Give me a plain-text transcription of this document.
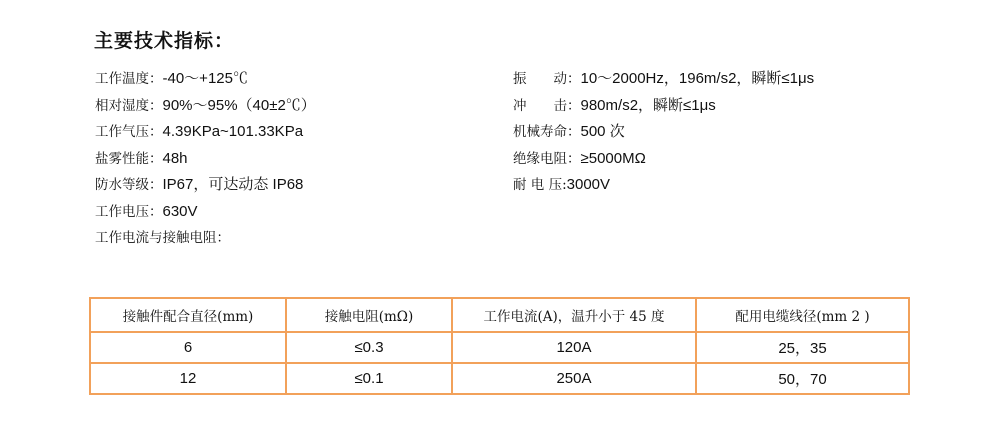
主要技术指标：
工作温度：-40～+125℃
相对湿度：90%～95%（40±2℃）
工作气压：4.39KPa~101.33KPa
盐雾性能：48h
防水等级：IP67，可达动态 IP68
工作电压：630V
工作电流与接触电阻：
振　　动：10～2000Hz，196m/s2，瞬断≤1μs
冲　　击：980m/s2，瞬断≤1μs
机械寿命：500 次
绝缘电阻：≥5000MΩ
耐 电 压:3000V
接触件配合直径(mm)	接触电阻(mΩ)	工作电流(A)，温升小于 45 度	配用电缆线径(mm 2 )
6	≤0.3	120A	25，35
12	≤0.1	250A	50，70
